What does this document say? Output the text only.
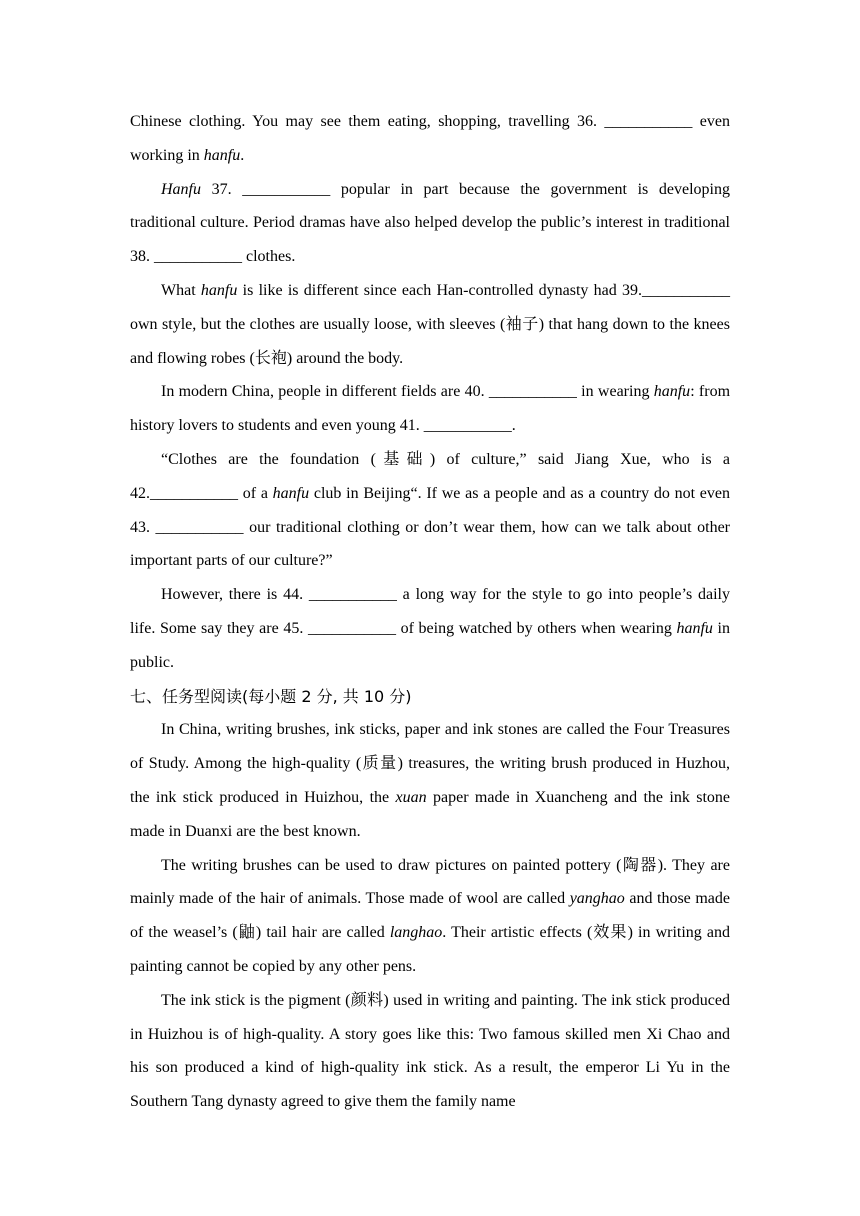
Chinese clothing. You may see them eating, shopping, travelling 36. ___________ even working in hanfu.

Hanfu 37. ___________ popular in part because the government is developing traditional culture. Period dramas have also helped develop the public’s interest in traditional 38. ___________ clothes.

What hanfu is like is different since each Han-controlled dynasty had 39.___________ own style, but the clothes are usually loose, with sleeves (袖子) that hang down to the knees and flowing robes (长袍) around the body.

In modern China, people in different fields are 40. ___________ in wearing hanfu: from history lovers to students and even young 41. ___________.

“Clothes are the foundation (基础) of culture,” said Jiang Xue, who is a 42.___________ of a hanfu club in Beijing“. If we as a people and as a country do not even 43. ___________ our traditional clothing or don’t wear them, how can we talk about other important parts of our culture?”

However, there is 44. ___________ a long way for the style to go into people’s daily life. Some say they are 45. ___________ of being watched by others when wearing hanfu in public.

七、任务型阅读(每小题 2 分, 共 10 分)

In China, writing brushes, ink sticks, paper and ink stones are called the Four Treasures of Study. Among the high-quality (质量) treasures, the writing brush produced in Huzhou, the ink stick produced in Huizhou, the xuan paper made in Xuancheng and the ink stone made in Duanxi are the best known.

The writing brushes can be used to draw pictures on painted pottery (陶器). They are mainly made of the hair of animals. Those made of wool are called yanghao and those made of the weasel’s (鼬) tail hair are called langhao. Their artistic effects (效果) in writing and painting cannot be copied by any other pens.

The ink stick is the pigment (颜料) used in writing and painting. The ink stick produced in Huizhou is of high-quality. A story goes like this: Two famous skilled men Xi Chao and his son produced a kind of high-quality ink stick. As a result, the emperor Li Yu in the Southern Tang dynasty agreed to give them the family name
